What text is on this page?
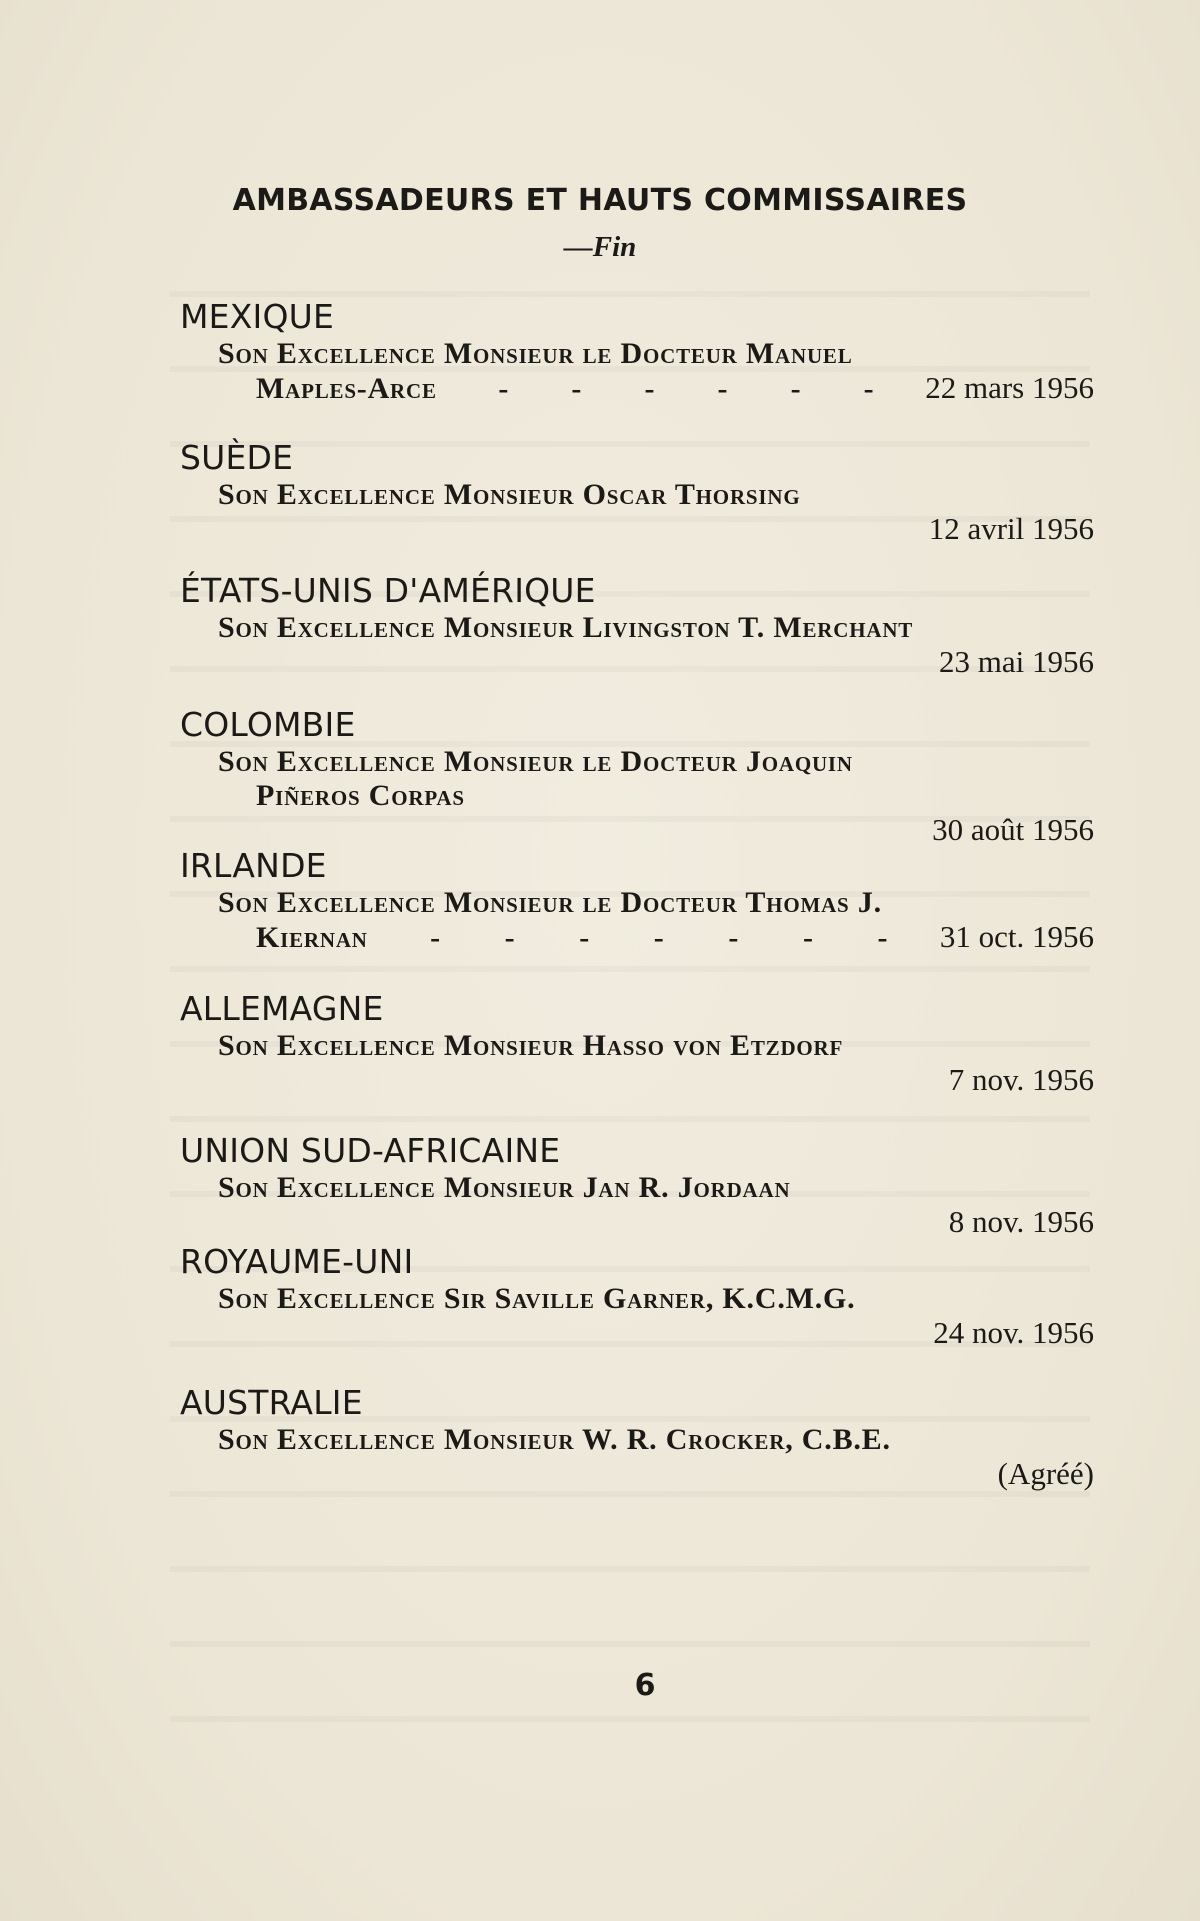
AMBASSADEURS ET HAUTS COMMISSAIRES
—Fin
MEXIQUE
Son Excellence Monsieur le Docteur Manuel
Maples-Arce - - - - - - 22 mars 1956
SUÈDE
Son Excellence Monsieur Oscar Thorsing
12 avril 1956
ÉTATS-UNIS D'AMÉRIQUE
Son Excellence Monsieur Livingston T. Merchant
23 mai 1956
COLOMBIE
Son Excellence Monsieur le Docteur Joaquin
Piñeros Corpas
30 août 1956
IRLANDE
Son Excellence Monsieur le Docteur Thomas J.
Kiernan - - - - - - - 31 oct. 1956
ALLEMAGNE
Son Excellence Monsieur Hasso von Etzdorf
7 nov. 1956
UNION SUD-AFRICAINE
Son Excellence Monsieur Jan R. Jordaan
8 nov. 1956
ROYAUME-UNI
Son Excellence Sir Saville Garner, K.C.M.G.
24 nov. 1956
AUSTRALIE
Son Excellence Monsieur W. R. Crocker, C.B.E.
(Agréé)
6
